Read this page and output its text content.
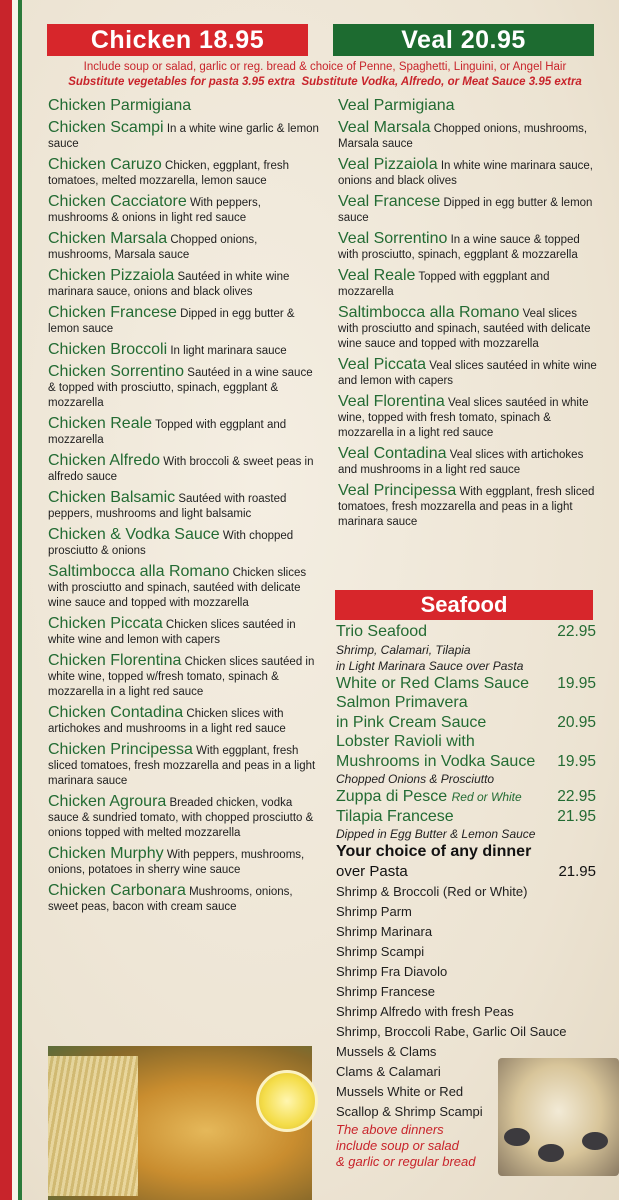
Chicken 18.95	Veal 20.95
Include soup or salad, garlic or reg. bread & choice of Penne, Spaghetti, Linguini, or Angel Hair
Substitute vegetables for pasta 3.95 extra Substitute Vodka, Alfredo, or Meat Sauce 3.95 extra
Chicken Parmigiana
Chicken Scampi In a white wine garlic & lemon sauce
Chicken Caruzo Chicken, eggplant, fresh tomatoes, melted mozzarella, lemon sauce
Chicken Cacciatore With peppers, mushrooms & onions in light red sauce
Chicken Marsala Chopped onions, mushrooms, Marsala sauce
Chicken Pizzaiola Sautéed in white wine marinara sauce, onions and black olives
Chicken Francese Dipped in egg butter & lemon sauce
Chicken Broccoli In light marinara sauce
Chicken Sorrentino Sautéed in a wine sauce & topped with prosciutto, spinach, eggplant & mozzarella
Chicken Reale Topped with eggplant and mozzarella
Chicken Alfredo With broccoli & sweet peas in alfredo sauce
Chicken Balsamic Sautéed with roasted peppers, mushrooms and light balsamic
Chicken & Vodka Sauce With chopped prosciutto & onions
Saltimbocca alla Romano Chicken slices with prosciutto and spinach, sautéed with delicate wine sauce and topped with mozzarella
Chicken Piccata Chicken slices sautéed in white wine and lemon with capers
Chicken Florentina Chicken slices sautéed in white wine, topped w/fresh tomato, spinach & mozzarella in a light red sauce
Chicken Contadina Chicken slices with artichokes and mushrooms in a light red sauce
Chicken Principessa With eggplant, fresh sliced tomatoes, fresh mozzarella and peas in a light marinara sauce
Chicken Agroura Breaded chicken, vodka sauce & sundried tomato, with chopped prosciutto & onions topped with melted mozzarella
Chicken Murphy With peppers, mushrooms, onions, potatoes in sherry wine sauce
Chicken Carbonara Mushrooms, onions, sweet peas, bacon with cream sauce
Veal Parmigiana
Veal Marsala Chopped onions, mushrooms, Marsala sauce
Veal Pizzaiola In white wine marinara sauce, onions and black olives
Veal Francese Dipped in egg butter & lemon sauce
Veal Sorrentino In a wine sauce & topped with prosciutto, spinach, eggplant & mozzarella
Veal Reale Topped with eggplant and mozzarella
Saltimbocca alla Romano Veal slices with prosciutto and spinach, sautéed with delicate wine sauce and topped with mozzarella
Veal Piccata Veal slices sautéed in white wine and lemon with capers
Veal Florentina Veal slices sautéed in white wine, topped with fresh tomato, spinach & mozzarella in a light red sauce
Veal Contadina Veal slices with artichokes and mushrooms in a light red sauce
Veal Principessa With eggplant, fresh sliced tomatoes, fresh mozzarella and peas in a light marinara sauce
Seafood
Trio Seafood	22.95
Shrimp, Calamari, Tilapia
in Light Marinara Sauce over Pasta
White or Red Clams Sauce 19.95
Salmon Primavera
in Pink Cream Sauce	20.95
Lobster Ravioli with
Mushrooms in Vodka Sauce 19.95
Chopped Onions & Prosciutto
Zuppa di Pesce Red or White 22.95
Tilapia Francese	21.95
Dipped in Egg Butter & Lemon Sauce
Your choice of any dinner
over Pasta	21.95
Shrimp & Broccoli (Red or White)
Shrimp Parm
Shrimp Marinara
Shrimp Scampi
Shrimp Fra Diavolo
Shrimp Francese
Shrimp Alfredo with fresh Peas
Shrimp, Broccoli Rabe, Garlic Oil Sauce
Mussels & Clams
Clams & Calamari
Mussels White or Red
Scallop & Shrimp Scampi
The above dinners
include soup or salad
& garlic or regular bread
